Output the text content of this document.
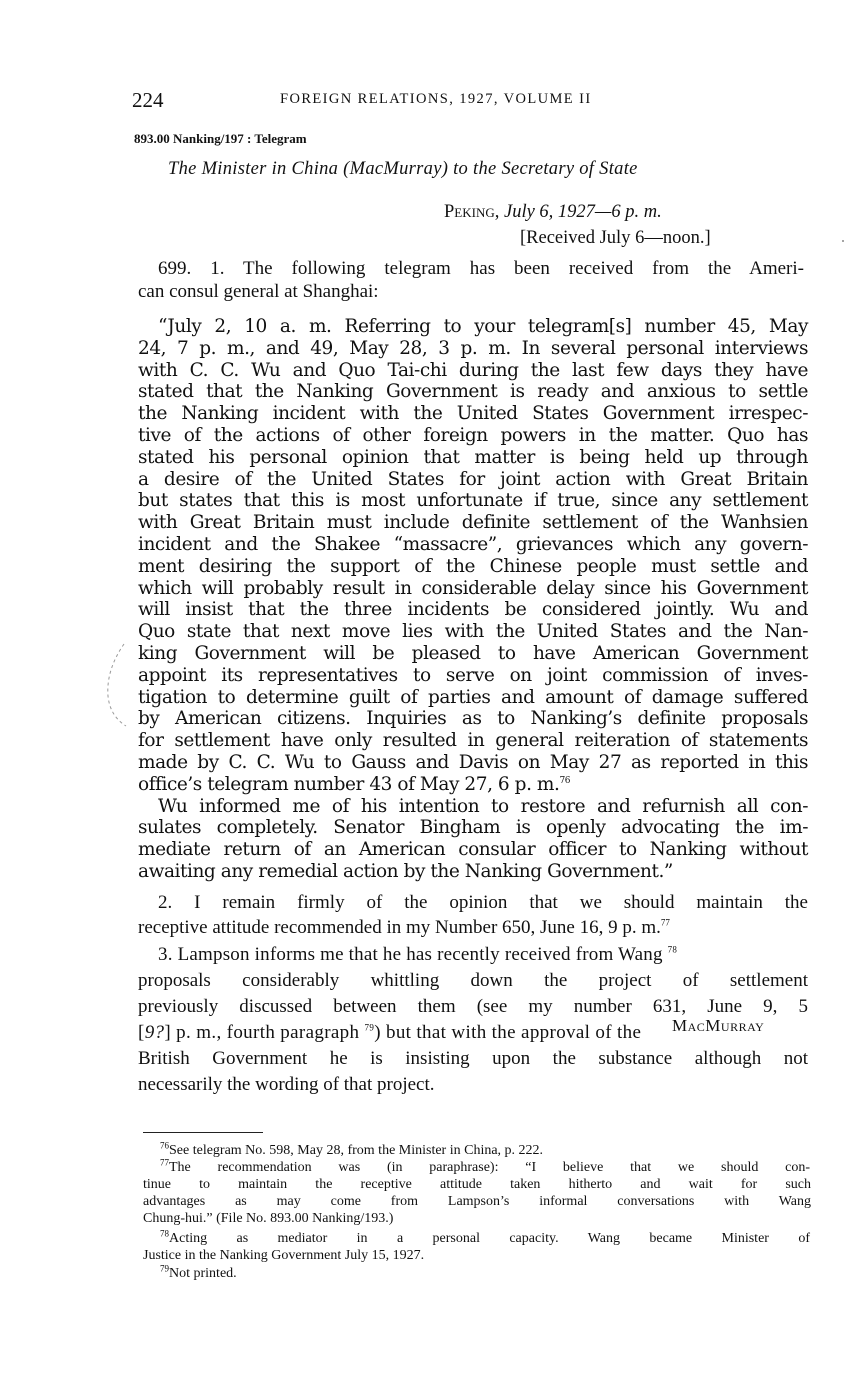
224	FOREIGN RELATIONS, 1927, VOLUME II
893.00 Nanking/197 : Telegram
The Minister in China (MacMurray) to the Secretary of State
Peking, July 6, 1927—6 p. m.
[Received July 6—noon.]
699. 1. The following telegram has been received from the Ameri-
can consul general at Shanghai:
“July 2, 10 a. m. Referring to your telegram[s] number 45, May
24, 7 p. m., and 49, May 28, 3 p. m. In several personal interviews
with C. C. Wu and Quo Tai-chi during the last few days they have
stated that the Nanking Government is ready and anxious to settle
the Nanking incident with the United States Government irrespec-
tive of the actions of other foreign powers in the matter. Quo has
stated his personal opinion that matter is being held up through
a desire of the United States for joint action with Great Britain
but states that this is most unfortunate if true, since any settlement
with Great Britain must include definite settlement of the Wanhsien
incident and the Shakee “massacre”, grievances which any govern-
ment desiring the support of the Chinese people must settle and
which will probably result in considerable delay since his Government
will insist that the three incidents be considered jointly. Wu and
Quo state that next move lies with the United States and the Nan-
king Government will be pleased to have American Government
appoint its representatives to serve on joint commission of inves-
tigation to determine guilt of parties and amount of damage suffered
by American citizens. Inquiries as to Nanking’s definite proposals
for settlement have only resulted in general reiteration of statements
made by C. C. Wu to Gauss and Davis on May 27 as reported in this
office’s telegram number 43 of May 27, 6 p. m.$^{76}$
Wu informed me of his intention to restore and refurnish all con-
sulates completely. Senator Bingham is openly advocating the im-
mediate return of an American consular officer to Nanking without
awaiting any remedial action by the Nanking Government.”
2. I remain firmly of the opinion that we should maintain the
receptive attitude recommended in my Number 650, June 16, 9 p. m.$^{77}$
3. Lampson informs me that he has recently received from Wang $^{78}$
proposals considerably whittling down the project of settlement
previously discussed between them (see my number 631, June 9, 5
[9?] p. m., fourth paragraph $^{79}$) but that with the approval of the
British Government he is insisting upon the substance although not
necessarily the wording of that project.
MacMurray
$^{76}$See telegram No. 598, May 28, from the Minister in China, p. 222.
$^{77}$The recommendation was (in paraphrase): “I believe that we should con-
tinue to maintain the receptive attitude taken hitherto and wait for such
advantages as may come from Lampson’s informal conversations with Wang
Chung-hui.” (File No. 893.00 Nanking/193.)
$^{78}$Acting as mediator in a personal capacity. Wang became Minister of
Justice in the Nanking Government July 15, 1927.
$^{79}$Not printed.
